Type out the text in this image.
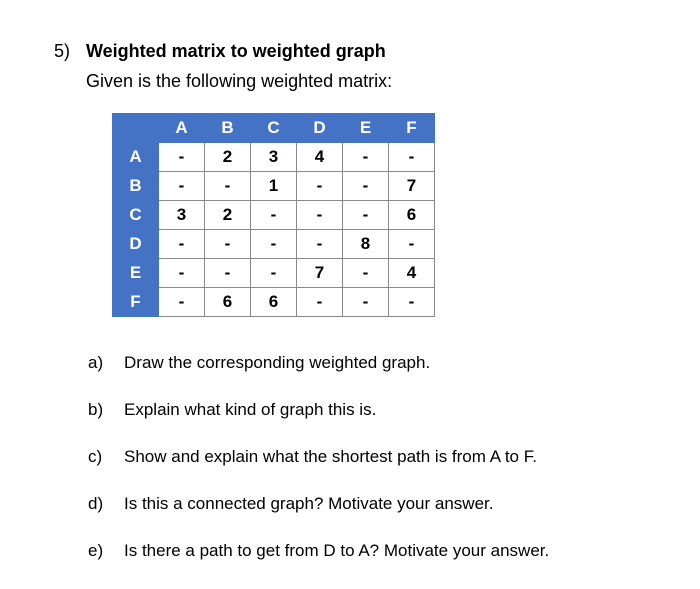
5) Weighted matrix to weighted graph
Given is the following weighted matrix:
	A	B	C	D	E	F
A	-	2	3	4	-	-
B	-	-	1	-	-	7
C	3	2	-	-	-	6
D	-	-	-	-	8	-
E	-	-	-	7	-	4
F	-	6	6	-	-	-
a) Draw the corresponding weighted graph.
b) Explain what kind of graph this is.
c) Show and explain what the shortest path is from A to F.
d) Is this a connected graph? Motivate your answer.
e) Is there a path to get from D to A? Motivate your answer.
